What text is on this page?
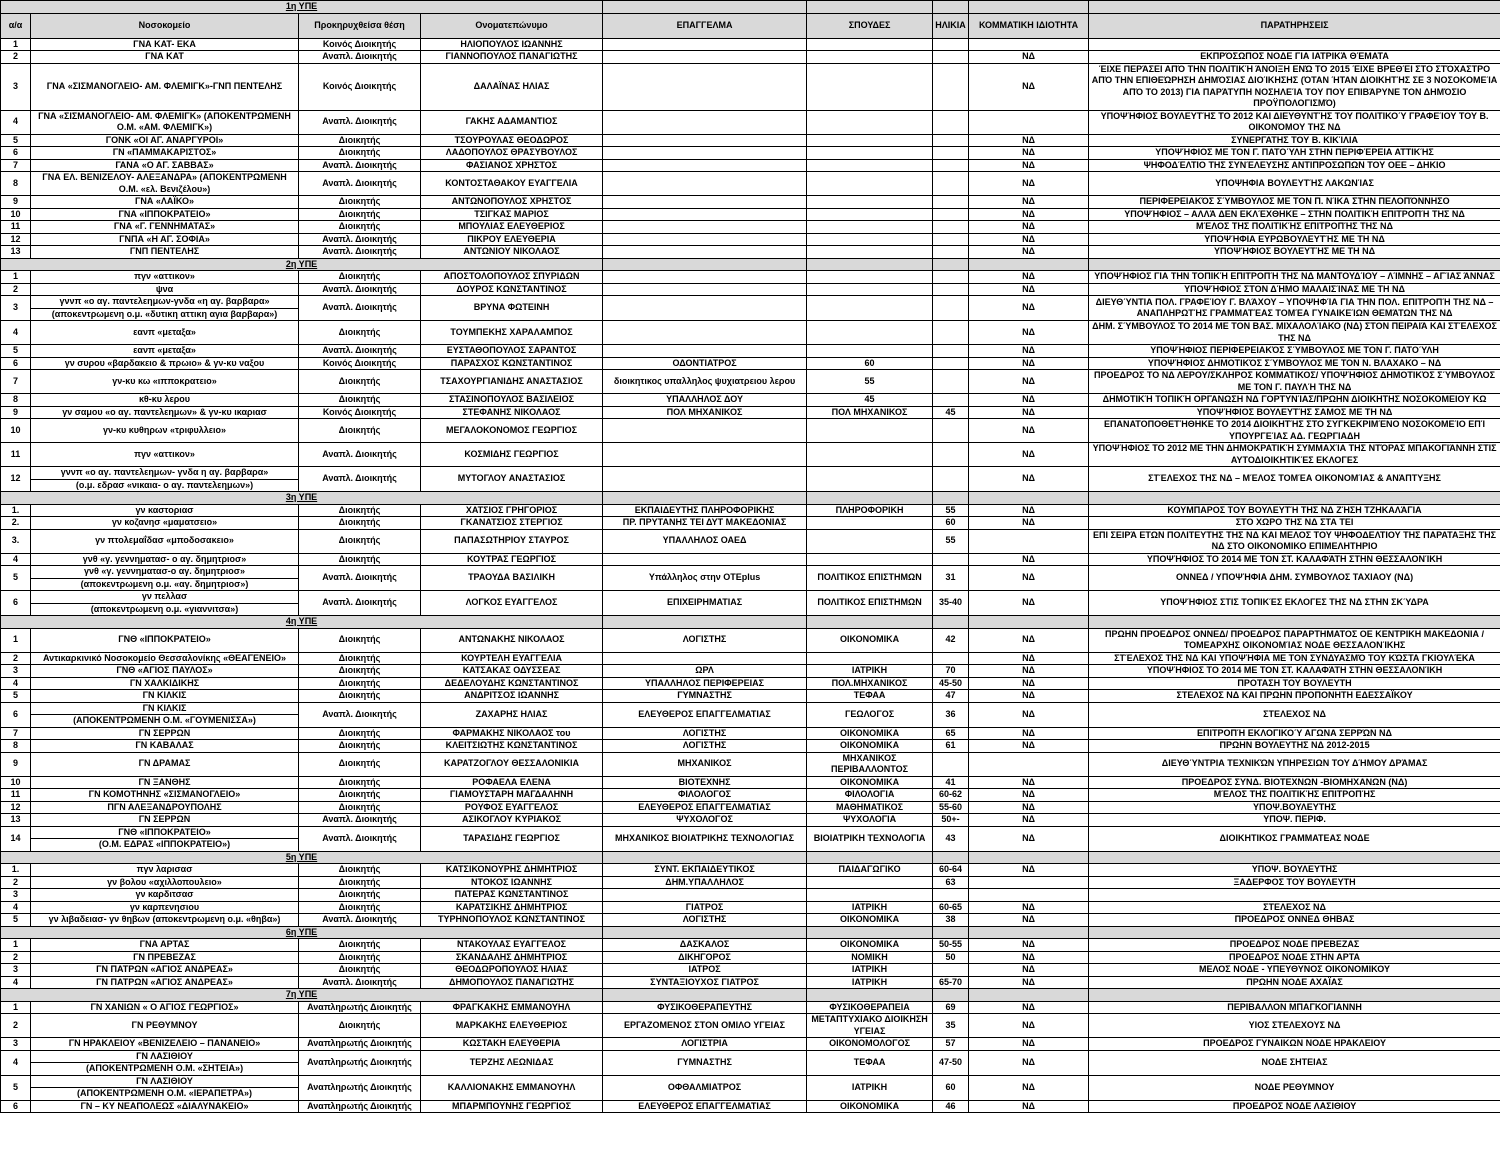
1η ΥΠΕ								
α/α	Νοσοκομείο	Προκηρυχθείσα θέση	Ονοματεπώνυμο	ΕΠΑΓΓΕΛΜΑ	ΣΠΟΥΔΕΣ	ΗΛΙΚΙΑ	ΚΟΜΜΑΤΙΚΗ ΙΔΙΟΤΗΤΑ	ΠΑΡΑΤΗΡΗΣΕΙΣ
1	ΓΝΑ ΚΑΤ- ΕΚΑ	Κοινός Διοικητής	ΗΛΙΟΠΟΥΛΟΣ ΙΩΑΝΝΗΣ					
2	ΓΝΑ ΚΑΤ	Αναπλ. Διοικητής	ΓΙΑΝΝΟΠΟΥΛΟΣ ΠΑΝΑΓΙΩΤΗΣ				ΝΔ	ΕΚΠΡΌΣΩΠΟΣ ΝΟΔΕ ΓΙΑ ΙΑΤΡΙΚΆ ΘΈΜΑΤΑ
3	ΓΝΑ «ΣΙΣΜΑΝΟΓΛΕΙΟ- ΑΜ. ΦΛΕΜΙΓΚ»-ΓΝΠ ΠΕΝΤΕΛΗΣ	Κοινός Διοικητής	ΔΑΛΑΪΝΑΣ ΗΛΙΑΣ				ΝΔ	ΈΙΧΕ ΠΕΡΆΣΕΙ ΑΠΌ ΤΗΝ ΠΟΛΙΤΙΚΉ ΆΝΟΙΞΗ ΕΝΏ ΤΟ 2015 ΈΙΧΕ ΒΡΕΘΈΙ ΣΤΟ ΣΤΌΧΑΣΤΡΟ ΑΠΌ ΤΗΝ ΕΠΙΘΕΏΡΗΣΗ ΔΗΜΌΣΙΑΣ ΔΙΟΊΚΗΣΗΣ (ΌΤΑΝ ΉΤΑΝ ΔΙΟΙΚΗΤΉΣ ΣΕ 3 ΝΟΣΟΚΟΜΕΊΑ ΑΠΌ ΤΟ 2013) ΓΙΑ ΠΑΡΆΤΥΠΗ ΝΟΣΗΛΕΊΑ ΤΟΥ ΠΟΥ ΕΠΙΒΆΡΥΝΕ ΤΟΝ ΔΗΜΌΣΙΟ ΠΡΟΫΠΟΛΟΓΙΣΜΌ)
4	ΓΝΑ «ΣΙΣΜΑΝΟΓΛΕΙΟ- ΑΜ. ΦΛΕΜΙΓΚ» (ΑΠΟΚΕΝΤΡΩΜΕΝΗ Ο.Μ. «ΑΜ. ΦΛΕΜΙΓΚ»)	Αναπλ. Διοικητής	ΓΑΚΗΣ ΑΔΑΜΑΝΤΙΟΣ					ΥΠΟΨΉΦΙΟΣ ΒΟΥΛΕΥΤΉΣ ΤΟ 2012 ΚΑΙ ΔΙΕΥΘΥΝΤΉΣ ΤΟΥ ΠΟΛΙΤΙΚΟΎ ΓΡΑΦΕΊΟΥ ΤΟΥ Β. ΟΙΚΟΝΌΜΟΥ ΤΗΣ ΝΔ
5	ΓΟΝΚ «ΟΙ ΑΓ. ΑΝΑΡΓΥΡΟΙ»	Διοικητής	ΤΣΟΥΡΟΥΛΑΣ ΘΕΟΔΩΡΟΣ				ΝΔ	ΣΥΝΕΡΓΑΤΗΣ ΤΟΥ Β. ΚΙΚΊΛΙΑ
6	ΓΝ «ΠΑΜΜΑΚΑΡΙΣΤΟΣ»	Διοικητής	ΛΑΔΟΠΟΥΛΟΣ ΘΡΑΣΥΒΟΥΛΟΣ				ΝΔ	ΥΠΟΨΉΦΙΟΣ ΜΕ ΤΟΝ Γ. ΠΑΤΟΎΛΗ ΣΤΗΝ ΠΕΡΙΦΈΡΕΙΑ ΑΤΤΙΚΉΣ
7	ΓΑΝΑ «Ο ΑΓ. ΣΑΒΒΑΣ»	Αναπλ. Διοικητής	ΦΑΣΙΑΝΟΣ ΧΡΗΣΤΟΣ				ΝΔ	ΨΗΦΟΔΈΛΤΙΟ ΤΗΣ ΣΥΝΈΛΕΥΣΗΣ ΑΝΤΙΠΡΟΣΩΠΩΝ ΤΟΥ ΟΕΕ – ΔΗΚΙΟ
8	ΓΝΑ ΕΛ. ΒΕΝΙΖΕΛΟΥ- ΑΛΕΞΑΝΔΡΑ» (ΑΠΟΚΕΝΤΡΩΜΕΝΗ Ο.Μ. «ελ. Βενιζέλου»)	Αναπλ. Διοικητής	ΚΟΝΤΟΣΤΑΘΑΚΟΥ ΕΥΑΓΓΕΛΙΑ				ΝΔ	ΥΠΟΨΗΦΙΑ ΒΟΥΛΕΥΤΉΣ ΛΑΚΩΝΊΑΣ
9	ΓΝΑ «ΛΑΪΚΟ»	Διοικητής	ΑΝΤΩΝΟΠΟΥΛΟΣ ΧΡΗΣΤΟΣ				ΝΔ	ΠΕΡΙΦΕΡΕΙΑΚΌΣ ΣΎΜΒΟΥΛΟΣ ΜΕ ΤΟΝ Π. ΝΊΚΑ ΣΤΗΝ ΠΕΛΟΠΌΝΝΗΣΟ
10	ΓΝΑ «ΙΠΠΟΚΡΑΤΕΙΟ»	Διοικητής	ΤΣΙΓΚΑΣ ΜΑΡΙΟΣ				ΝΔ	ΥΠΟΨΉΦΙΟΣ – ΑΛΛΆ ΔΕΝ ΕΚΛΈΧΘΗΚΕ – ΣΤΗΝ ΠΟΛΙΤΙΚΉ ΕΠΙΤΡΟΠΉ ΤΗΣ ΝΔ
11	ΓΝΑ «Γ. ΓΕΝΝΗΜΑΤΑΣ»	Διοικητής	ΜΠΟΥΛΙΑΣ ΕΛΕΥΘΕΡΙΟΣ				ΝΔ	ΜΈΛΟΣ ΤΗΣ ΠΟΛΙΤΙΚΉΣ ΕΠΙΤΡΟΠΉΣ ΤΗΣ ΝΔ
12	ΓΝΠΑ «Η ΑΓ. ΣΟΦΙΑ»	Αναπλ. Διοικητής	ΠΙΚΡΟΥ ΕΛΕΥΘΕΡΙΑ				ΝΔ	ΥΠΟΨΉΦΙΑ ΕΥΡΩΒΟΥΛΕΥΤΉΣ ΜΕ ΤΗ ΝΔ
13	ΓΝΠ ΠΕΝΤΕΛΗΣ	Αναπλ. Διοικητής	ΑΝΤΩΝΙΟΥ ΝΙΚΟΛΑΟΣ				ΝΔ	ΥΠΟΨΉΦΙΟΣ ΒΟΥΛΕΥΤΉΣ ΜΕ ΤΗ ΝΔ
2η ΥΠΕ								
1	πγν «αττικον»	Διοικητής	ΑΠΟΣΤΟΛΟΠΟΥΛΟΣ ΣΠΥΡΙΔΩΝ				ΝΔ	ΥΠΟΨΉΦΙΟΣ ΓΙΑ ΤΗΝ ΤΟΠΙΚΉ ΕΠΙΤΡΟΠΉ ΤΗΣ ΝΔ ΜΑΝΤΟΥΔΊΟΥ – ΛΊΜΝΗΣ – ΑΓΊΑΣ ΆΝΝΑΣ
2	ψνα	Αναπλ. Διοικητής	ΔΟΥΡΟΣ ΚΩΝΣΤΑΝΤΙΝΟΣ				ΝΔ	ΥΠΟΨΉΦΙΟΣ ΣΤΟΝ ΔΉΜΟ ΜΑΛΑΙΣΊΝΑΣ ΜΕ ΤΗ ΝΔ
3	γννπ «ο αγ. παντελεημων-γνδα «η αγ. βαρβαρα»
(αποκεντρωμενη ο.μ. «δυτικη αττικη αγια βαρβαρα»)	Αναπλ. Διοικητής	ΒΡΥΝΑ ΦΩΤΕΙΝΗ				ΝΔ	ΔΙΕΥΘΎΝΤΙΑ ΠΟΛ. ΓΡΑΦΕΊΟΥ Γ. ΒΛΆΧΟΥ – ΥΠΟΨΗΦΊΑ ΓΙΑ ΤΗΝ ΠΟΛ. ΕΠΙΤΡΟΠΉ ΤΗΣ ΝΔ – ΑΝΑΠΛΗΡΩΤΉΣ ΓΡΑΜΜΑΤΈΑΣ ΤΟΜΈΑ ΓΥΝΑΙΚΕΊΩΝ ΘΕΜΆΤΩΝ ΤΗΣ ΝΔ
4	εανπ «μεταξα»	Διοικητής	ΤΟΥΜΠΕΚΗΣ ΧΑΡΑΛΑΜΠΟΣ				ΝΔ	ΔΗΜ. ΣΎΜΒΟΥΛΟΣ ΤΟ 2014 ΜΕ ΤΟΝ ΒΑΣ. ΜΙΧΑΛΟΛΊΑΚΟ (ΝΔ) ΣΤΟΝ ΠΕΙΡΑΙΆ ΚΑΙ ΣΤΈΛΕΧΟΣ ΤΗΣ ΝΔ
5	εανπ «μεταξα»	Αναπλ. Διοικητής	ΕΥΣΤΑΘΟΠΟΥΛΟΣ ΣΑΡΑΝΤΟΣ				ΝΔ	ΥΠΟΨΉΦΙΟΣ ΠΕΡΙΦΕΡΕΙΑΚΌΣ ΣΎΜΒΟΥΛΟΣ ΜΕ ΤΟΝ Γ. ΠΑΤΟΎΛΗ
6	γν συρου «βαρδακειο & πρωιο» & γν-κυ ναξου	Κοινός Διοικητής	ΠΑΡΑΣΧΟΣ ΚΩΝΣΤΑΝΤΙΝΟΣ	ΟΔΟΝΤΙΑΤΡΟΣ	60		ΝΔ	ΥΠΟΨΉΦΙΟΣ ΔΗΜΟΤΙΚΌΣ ΣΎΜΒΟΥΛΟΣ ΜΕ ΤΟΝ Ν. ΒΛΑΧΑΚΟ – ΝΔ
7	γν-κυ κω «ιπποκρατειο»	Διοικητής	ΤΣΑΧΟΥΡΓΙΑΝΙΔΗΣ ΑΝΑΣΤΑΣΙΟΣ	διοικητικος υπαλληλος ψυχιατρειου λερου	55		ΝΔ	ΠΡΟΕΔΡΟΣ ΤΟ ΝΔ ΛΕΡΟΥ/ΣΚΛΗΡΟΣ ΚΟΜΜΑΤΙΚΟΣ/ ΥΠΟΨΉΦΙΟΣ ΔΗΜΟΤΙΚΌΣ ΣΎΜΒΟΥΛΟΣ ΜΕ ΤΟΝ Γ. ΠΑΥΛΉ ΤΗΣ ΝΔ
8	κθ-κυ λερου	Διοικητής	ΣΤΑΣΙΝΟΠΟΥΛΟΣ ΒΑΣΙΛΕΙΟΣ	ΥΠΑΛΛΗΛΟΣ ΔΟΥ	45		ΝΔ	ΔΗΜΟΤΙΚΉ ΤΟΠΙΚΉ ΟΡΓΑΝΩΣΗ ΝΔ ΓΟΡΤΥΝΊΑΣ/ΠΡΩΗΝ ΔΙΟΙΚΗΤΗΣ ΝΟΣΟΚΟΜΕΙΟΥ ΚΩ
9	γν σαμου «ο αγ. παντελεημων» & γν-κυ ικαριασ	Κοινός Διοικητής	ΣΤΕΦΑΝΗΣ ΝΙΚΟΛΑΟΣ	ΠΟΛ ΜΗΧΑΝΙΚΟΣ	ΠΟΛ ΜΗΧΑΝΙΚΟΣ	45	ΝΔ	ΥΠΟΨΉΦΙΟΣ ΒΟΥΛΕΥΤΉΣ ΣΑΜΟΣ ΜΕ ΤΗ ΝΔ
10	γν-κυ κυθηρων «τριφυλλειο»	Διοικητής	ΜΕΓΑΛΟΚΟΝΟΜΟΣ ΓΕΩΡΓΙΟΣ				ΝΔ	ΕΠΑΝΑΤΟΠΟΘΕΤΉΘΗΚΕ ΤΟ 2014 ΔΙΟΙΚΗΤΉΣ ΣΤΟ ΣΥΓΚΕΚΡΙΜΈΝΟ ΝΟΣΟΚΟΜΕΊΟ ΕΠΊ ΥΠΟΥΡΓΕΊΑΣ ΑΔ. ΓΕΩΡΓΙΑΔΗ
11	πγν «αττικον»	Αναπλ. Διοικητής	ΚΟΣΜΙΔΗΣ ΓΕΩΡΓΙΟΣ				ΝΔ	ΥΠΟΨΉΦΙΟΣ ΤΟ 2012 ΜΕ ΤΗΝ ΔΗΜΟΚΡΑΤΙΚΉ ΣΥΜΜΑΧΊΑ ΤΗΣ ΝΤΌΡΑΣ ΜΠΑΚΟΓΙΆΝΝΗ ΣΤΙΣ ΑΥΤΟΔΙΟΙΚΗΤΙΚΈΣ ΕΚΛΟΓΕΣ
12	γννπ «ο αγ. παντελεημων- γνδα η αγ. βαρβαρα»
(ο.μ. εδρασ «νικαια- ο αγ. παντελεημων»)	Αναπλ. Διοικητής	ΜΥΤΟΓΛΟΥ ΑΝΑΣΤΑΣΙΟΣ				ΝΔ	ΣΤΈΛΕΧΟΣ ΤΗΣ ΝΔ – ΜΈΛΟΣ ΤΟΜΈΑ ΟΙΚΟΝΟΜΊΑΣ & ΑΝΆΠΤΥΞΗΣ
3η ΥΠΕ								
1.	γν καστοριασ	Διοικητής	ΧΑΤΣΙΟΣ ΓΡΗΓΟΡΙΟΣ	ΕΚΠΑΙΔΕΥΤΗΣ ΠΛΗΡΟΦΟΡΙΚΗΣ	ΠΛΗΡΟΦΟΡΙΚΗ	55	ΝΔ	ΚΟΥΜΠΑΡΟΣ ΤΟΥ ΒΟΥΛΕΥΤΉ ΤΗΣ ΝΔ ΖΉΣΗ ΤΖΗΚΑΛΆΓΙΑ
2.	γν κοζανησ «μαματσειο»	Διοικητής	ΓΚΑΝΑΤΣΙΟΣ ΣΤΕΡΓΙΟΣ	ΠΡ. ΠΡΥΤΑΝΗΣ ΤΕΙ ΔΥΤ ΜΑΚΕΔΟΝΙΑΣ		60	ΝΔ	ΣΤΟ ΧΩΡΟ ΤΗΣ ΝΔ ΣΤΑ ΤΕΙ
3.	γν πτολεμαΐδασ «μποδοσακειο»	Διοικητής	ΠΑΠΑΣΩΤΗΡΙΟΥ ΣΤΑΥΡΟΣ	ΥΠΑΛΛΗΛΟΣ ΟΑΕΔ		55		ΕΠΙ ΣΕΙΡΆ ΕΤΩΝ ΠΟΛΙΤΕΥΤΗΣ ΤΗΣ ΝΔ ΚΑΙ ΜΕΛΟΣ ΤΟΥ ΨΗΦΟΔΕΛΤΙΟΥ ΤΗΣ ΠΑΡΑΤΑΞΗΣ ΤΗΣ ΝΔ ΣΤΟ ΟΙΚΟΝΟΜΙΚΟ ΕΠΙΜΕΛΗΤΗΡΙΟ
4	γνθ «γ. γεννηματασ- ο αγ. δημητριοσ»	Διοικητής	ΚΟΥΤΡΑΣ ΓΕΩΡΓΙΟΣ				ΝΔ	ΥΠΟΨΉΦΙΟΣ ΤΟ 2014 ΜΕ ΤΟΝ ΣΤ. ΚΑΛΑΦΆΤΗ ΣΤΗΝ ΘΕΣΣΑΛΟΝΊΚΗ
5	γνθ «γ. γεννηματασ-ο αγ. δημητριοσ»
(αποκεντρωμενη ο.μ. «αγ. δημητριοσ»)	Αναπλ. Διοικητής	ΤΡΑΟΥΔΑ ΒΑΣΙΛΙΚΗ	Υπάλληλος στην OTEplus	ΠΟΛΙΤΙΚΟΣ ΕΠΙΣΤΗΜΩΝ	31	ΝΔ	ΟΝΝΕΔ / ΥΠΟΨΉΦΙΑ ΔΗΜ. ΣΥΜΒΟΥΛΟΣ ΤΑΧΙΑΟΥ (ΝΔ)
6	γν πελλασ
(αποκεντρωμενη ο.μ. «γιαννιτσα»)	Αναπλ. Διοικητής	ΛΟΓΚΟΣ ΕΥΑΓΓΕΛΟΣ	ΕΠΙΧΕΙΡΗΜΑΤΙΑΣ	ΠΟΛΙΤΙΚΟΣ ΕΠΙΣΤΗΜΩΝ	35-40	ΝΔ	ΥΠΟΨΉΦΙΟΣ ΣΤΙΣ ΤΟΠΙΚΈΣ ΕΚΛΟΓΕΣ ΤΗΣ ΝΔ ΣΤΗΝ ΣΚΎΔΡΑ
4η ΥΠΕ								
1	ΓΝΘ «ΙΠΠΟΚΡΑΤΕΙΟ»	Διοικητής	ΑΝΤΩΝΑΚΗΣ ΝΙΚΟΛΑΟΣ	ΛΟΓΙΣΤΗΣ	ΟΙΚΟΝΟΜΙΚΑ	42	ΝΔ	ΠΡΩΗΝ ΠΡΟΕΔΡΟΣ ΟΝΝΕΔ/ ΠΡΟΕΔΡΟΣ ΠΑΡΑΡΤΗΜΑΤΟΣ ΟΕ ΚΕΝΤΡΙΚΗ ΜΑΚΕΔΟΝΙΑ / ΤΟΜΕΑΡΧΗΣ ΟΙΚΟΝΟΜΊΑΣ ΝΟΔΕ ΘΕΣΣΑΛΟΝΊΚΗΣ
2	Αντικαρκινικό Νοσοκομείο Θεσσαλονίκης «ΘΕΑΓΕΝΕΙΟ»	Διοικητής	ΚΟΥΡΤΕΛΗ ΕΥΑΓΓΕΛΙΑ				ΝΔ	ΣΤΈΛΕΧΟΣ ΤΗΣ ΝΔ ΚΑΙ ΥΠΟΨΉΦΙΑ ΜΕ ΤΟΝ ΣΥΝΔΥΑΣΜΌ ΤΟΥ ΚΏΣΤΑ ΓΚΙΟΥΛΈΚΑ
3	ΓΝΘ «ΑΓΙΟΣ ΠΑΥΛΟΣ»	Διοικητής	ΚΑΤΣΑΚΑΣ ΟΔΥΣΣΕΑΣ	ΩΡΛ	ΙΑΤΡΙΚΗ	70	ΝΔ	ΥΠΟΨΉΦΙΟΣ ΤΟ 2014 ΜΕ ΤΟΝ ΣΤ. ΚΑΛΑΦΆΤΗ ΣΤΗΝ ΘΕΣΣΑΛΟΝΊΚΗ
4	ΓΝ ΧΑΛΚΙΔΙΚΗΣ	Διοικητής	ΔΕΔΕΛΟΥΔΗΣ ΚΩΝΣΤΑΝΤΙΝΟΣ	ΥΠΑΛΛΗΛΟΣ ΠΕΡΙΦΕΡΕΙΑΣ	ΠΟΛ.ΜΗΧΑΝΙΚΟΣ	45-50	ΝΔ	ΠΡΟΤΑΣΗ ΤΟΥ ΒΟΥΛΕΥΤΗ
5	ΓΝ ΚΙΛΚΙΣ	Διοικητής	ΑΝΔΡΙΤΣΟΣ ΙΩΑΝΝΗΣ	ΓΥΜΝΑΣΤΗΣ	ΤΕΦΑΑ	47	ΝΔ	ΣΤΕΛΕΧΟΣ ΝΔ ΚΑΙ ΠΡΩΗΝ ΠΡΟΠΟΝΗΤΗ ΕΔΕΣΣΑΪΚΟΥ
6	ΓΝ ΚΙΛΚΙΣ
(ΑΠΟΚΕΝΤΡΩΜΕΝΗ Ο.Μ. «ΓΟΥΜΕΝΙΣΣΑ»)	Αναπλ. Διοικητής	ΖΑΧΑΡΗΣ ΗΛΙΑΣ	ΕΛΕΥΘΕΡΟΣ ΕΠΑΓΓΕΛΜΑΤΙΑΣ	ΓΕΩΛΟΓΟΣ	36	ΝΔ	ΣΤΕΛΕΧΟΣ ΝΔ
7	ΓΝ ΣΕΡΡΩΝ	Διοικητής	ΦΑΡΜΑΚΗΣ ΝΙΚΟΛΑΟΣ του	ΛΟΓΙΣΤΗΣ	ΟΙΚΟΝΟΜΙΚΑ	65	ΝΔ	ΕΠΙΤΡΟΠΉ ΕΚΛΟΓΙΚΟΎ ΑΓΩΝΑ ΣΕΡΡΏΝ ΝΔ
8	ΓΝ ΚΑΒΑΛΑΣ	Διοικητής	ΚΛΕΙΤΣΙΩΤΗΣ ΚΩΝΣΤΑΝΤΙΝΟΣ	ΛΟΓΙΣΤΗΣ	ΟΙΚΟΝΟΜΙΚΑ	61	ΝΔ	ΠΡΩΗΝ ΒΟΥΛΕΥΤΗΣ ΝΔ 2012-2015
9	ΓΝ ΔΡΑΜΑΣ	Διοικητής	ΚΑΡΑΤΖΟΓΛΟΥ ΘΕΣΣΑΛΟΝΙΚΙΑ	ΜΗΧΑΝΙΚΟΣ	ΜΗΧΑΝΙΚΟΣ ΠΕΡΙΒΑΛΛΟΝΤΟΣ			ΔΙΕΥΘΎΝΤΡΙΑ ΤΕΧΝΙΚΏΝ ΥΠΗΡΕΣΙΩΝ ΤΟΥ ΔΉΜΟΥ ΔΡΆΜΑΣ
10	ΓΝ ΞΑΝΘΗΣ	Διοικητής	ΡΟΦΑΕΛΑ ΕΛΕΝΑ	ΒΙΟΤΕΧΝΗΣ	ΟΙΚΟΝΟΜΙΚΑ	41	ΝΔ	ΠΡΟΕΔΡΟΣ ΣΥΝΔ. ΒΙΟΤΕΧΝΩΝ -ΒΙΟΜΗΧΑΝΩΝ (ΝΔ)
11	ΓΝ ΚΟΜΟΤΗΝΗΣ «ΣΙΣΜΑΝΟΓΛΕΙΟ»	Διοικητής	ΓΙΑΜΟΥΣΤΑΡΗ ΜΑΓΔΑΛΗΝΗ	ΦΙΛΟΛΟΓΟΣ	ΦΙΛΟΛΟΓΙΑ	60-62	ΝΔ	ΜΈΛΟΣ ΤΗΣ ΠΟΛΙΤΙΚΉΣ ΕΠΙΤΡΟΠΉΣ
12	ΠΓΝ ΑΛΕΞΑΝΔΡΟΥΠΟΛΗΣ	Διοικητής	ΡΟΥΦΟΣ ΕΥΑΓΓΕΛΟΣ	ΕΛΕΥΘΕΡΟΣ ΕΠΑΓΓΕΛΜΑΤΙΑΣ	ΜΑΘΗΜΑΤΙΚΟΣ	55-60	ΝΔ	ΥΠΟΨ.ΒΟΥΛΕΥΤΗΣ
13	ΓΝ ΣΕΡΡΩΝ	Αναπλ. Διοικητής	ΑΣΙΚΟΓΛΟΥ ΚΥΡΙΑΚΟΣ	ΨΥΧΟΛΟΓΟΣ	ΨΥΧΟΛΟΓΙΑ	50+-	ΝΔ	ΥΠΟΨ. ΠΕΡΙΦ.
14	ΓΝΘ «ΙΠΠΟΚΡΑΤΕΙΟ»
(Ο.Μ. ΕΔΡΑΣ «ΙΠΠΟΚΡΑΤΕΙΟ»)	Αναπλ. Διοικητής	ΤΑΡΑΣΙΔΗΣ ΓΕΩΡΓΙΟΣ	ΜΗΧΑΝΙΚΟΣ ΒΙΟΙΑΤΡΙΚΗΣ ΤΕΧΝΟΛΟΓΙΑΣ	ΒΙΟΙΑΤΡΙΚΗ ΤΕΧΝΟΛΟΓΙΑ	43	ΝΔ	ΔΙΟΙΚΗΤΙΚΟΣ ΓΡΑΜΜΑΤΕΑΣ ΝΟΔΕ
5η ΥΠΕ								
1.	πγν λαρισασ	Διοικητής	ΚΑΤΣΙΚΟΝΟΥΡΗΣ ΔΗΜΗΤΡΙΟΣ	ΣΥΝΤ. ΕΚΠΑΙΔΕΥΤΙΚΟΣ	ΠΑΙΔΑΓΩΓΙΚΟ	60-64	ΝΔ	ΥΠΟΨ. ΒΟΥΛΕΥΤΗΣ
2	γν βολου «αχιλλοπουλειο»	Διοικητής	ΝΤΟΚΟΣ ΙΩΑΝΝΗΣ	ΔΗΜ.ΥΠΑΛΛΗΛΟΣ		63		ΞΑΔΕΡΦΟΣ ΤΟΥ ΒΟΥΛΕΥΤΗ
3	γν καρδιτσασ	Διοικητής	ΠΑΤΕΡΑΣ ΚΩΝΣΤΑΝΤΙΝΟΣ					
4	γν καρπενησιου	Διοικητής	ΚΑΡΑΤΣΙΚΗΣ ΔΗΜΗΤΡΙΟΣ	ΓΙΑΤΡΟΣ	ΙΑΤΡΙΚΗ	60-65	ΝΔ	ΣΤΕΛΕΧΟΣ ΝΔ
5	γν λιβαδειασ- γν θηβων (αποκεντρωμενη ο.μ. «θηβα»)	Αναπλ. Διοικητής	ΤΥΡΗΝΟΠΟΥΛΟΣ ΚΩΝΣΤΑΝΤΙΝΟΣ	ΛΟΓΙΣΤΗΣ	ΟΙΚΟΝΟΜΙΚΑ	38	ΝΔ	ΠΡΟΕΔΡΟΣ ΟΝΝΕΔ ΘΗΒΑΣ
6η ΥΠΕ								
1	ΓΝΑ ΑΡΤΑΣ	Διοικητής	ΝΤΑΚΟΥΛΑΣ ΕΥΑΓΓΕΛΟΣ	ΔΑΣΚΑΛΟΣ	ΟΙΚΟΝΟΜΙΚΑ	50-55	ΝΔ	ΠΡΟΕΔΡΟΣ ΝΟΔΕ ΠΡΕΒΕΖΑΣ
2	ΓΝ ΠΡΕΒΕΖΑΣ	Διοικητής	ΣΚΑΝΔΑΛΗΣ ΔΗΜΗΤΡΙΟΣ	ΔΙΚΗΓΟΡΟΣ	ΝΟΜΙΚΗ	50	ΝΔ	ΠΡΟΕΔΡΟΣ ΝΟΔΕ ΣΤΗΝ ΑΡΤΑ
3	ΓΝ ΠΑΤΡΩΝ «ΑΓΙΟΣ ΑΝΔΡΕΑΣ»	Διοικητής	ΘΕΟΔΩΡΟΠΟΥΛΟΣ ΗΛΙΑΣ	ΙΑΤΡΟΣ	ΙΑΤΡΙΚΗ		ΝΔ	ΜΕΛΟΣ ΝΟΔΕ - ΥΠΕΥΘΥΝΟΣ ΟΙΚΟΝΟΜΙΚΟΥ
4	ΓΝ ΠΑΤΡΩΝ «ΑΓΙΟΣ ΑΝΔΡΕΑΣ»	Αναπλ. Διοικητής	ΔΗΜΟΠΟΥΛΟΣ ΠΑΝΑΓΙΩΤΗΣ	ΣΥΝΤΑΞΙΟΥΧΟΣ ΓΙΑΤΡΟΣ	ΙΑΤΡΙΚΗ	65-70	ΝΔ	ΠΡΩΗΝ ΝΟΔΕ ΑΧΑΪΑΣ
7η ΥΠΕ								
1	ΓΝ ΧΑΝΙΩΝ « Ο ΑΓΙΟΣ ΓΕΩΡΓΙΟΣ»	Αναπληρωτής Διοικητής	ΦΡΑΓΚΑΚΗΣ ΕΜΜΑΝΟΥΗΛ	ΦΥΣΙΚΟΘΕΡΑΠΕΥΤΗΣ	ΦΥΣΙΚΟΘΕΡΑΠΕΙΑ	69	ΝΔ	ΠΕΡΙΒΑΛΛΟΝ ΜΠΑΓΚΟΓΙΑΝΝΗ
2	ΓΝ ΡΕΘΥΜΝΟΥ	Διοικητής	ΜΑΡΚΑΚΗΣ ΕΛΕΥΘΕΡΙΟΣ	ΕΡΓΑΖΟΜΕΝΟΣ ΣΤΟΝ ΟΜΙΛΟ ΥΓΕΙΑΣ	ΜΕΤΑΠΤΥΧΙΑΚΟ ΔΙΟΙΚΗΣΗ ΥΓΕΙΑΣ	35	ΝΔ	ΥΙΟΣ ΣΤΕΛΕΧΟΥΣ ΝΔ
3	ΓΝ ΗΡΑΚΛΕΙΟΥ «ΒΕΝΙΖΕΛΕΙΟ – ΠΑΝΑΝΕΙΟ»	Αναπληρωτής Διοικητής	ΚΩΣΤΑΚΗ ΕΛΕΥΘΕΡΙΑ	ΛΟΓΙΣΤΡΙΑ	ΟΙΚΟΝΟΜΟΛΟΓΟΣ	57	ΝΔ	ΠΡΟΕΔΡΟΣ ΓΥΝΑΙΚΩΝ ΝΟΔΕ ΗΡΑΚΛΕΙΟΥ
4	ΓΝ ΛΑΣΙΘΙΟΥ
(ΑΠΟΚΕΝΤΡΩΜΕΝΗ Ο.Μ. «ΣΗΤΕΙΑ»)	Αναπληρωτής Διοικητής	ΤΕΡΖΗΣ ΛΕΩΝΙΔΑΣ	ΓΥΜΝΑΣΤΗΣ	ΤΕΦΑΑ	47-50	ΝΔ	ΝΟΔΕ ΣΗΤΕΙΑΣ
5	ΓΝ ΛΑΣΙΘΙΟΥ
(ΑΠΟΚΕΝΤΡΩΜΕΝΗ Ο.Μ. «ΙΕΡΑΠΕΤΡΑ»)	Αναπληρωτής Διοικητής	ΚΑΛΛΙΟΝΑΚΗΣ ΕΜΜΑΝΟΥΗΛ	ΟΦΘΑΛΜΙΑΤΡΟΣ	ΙΑΤΡΙΚΗ	60	ΝΔ	ΝΟΔΕ ΡΕΘΥΜΝΟΥ
6	ΓΝ – ΚΥ ΝΕΑΠΟΛΕΩΣ «ΔΙΑΛΥΝΑΚΕΙΟ»	Αναπληρωτής Διοικητής	ΜΠΑΡΜΠΟΥΝΗΣ ΓΕΩΡΓΙΟΣ	ΕΛΕΥΘΕΡΟΣ ΕΠΑΓΓΕΛΜΑΤΙΑΣ	ΟΙΚΟΝΟΜΙΚΑ	46	ΝΔ	ΠΡΟΕΔΡΟΣ ΝΟΔΕ ΛΑΣΙΘΙΟΥ
